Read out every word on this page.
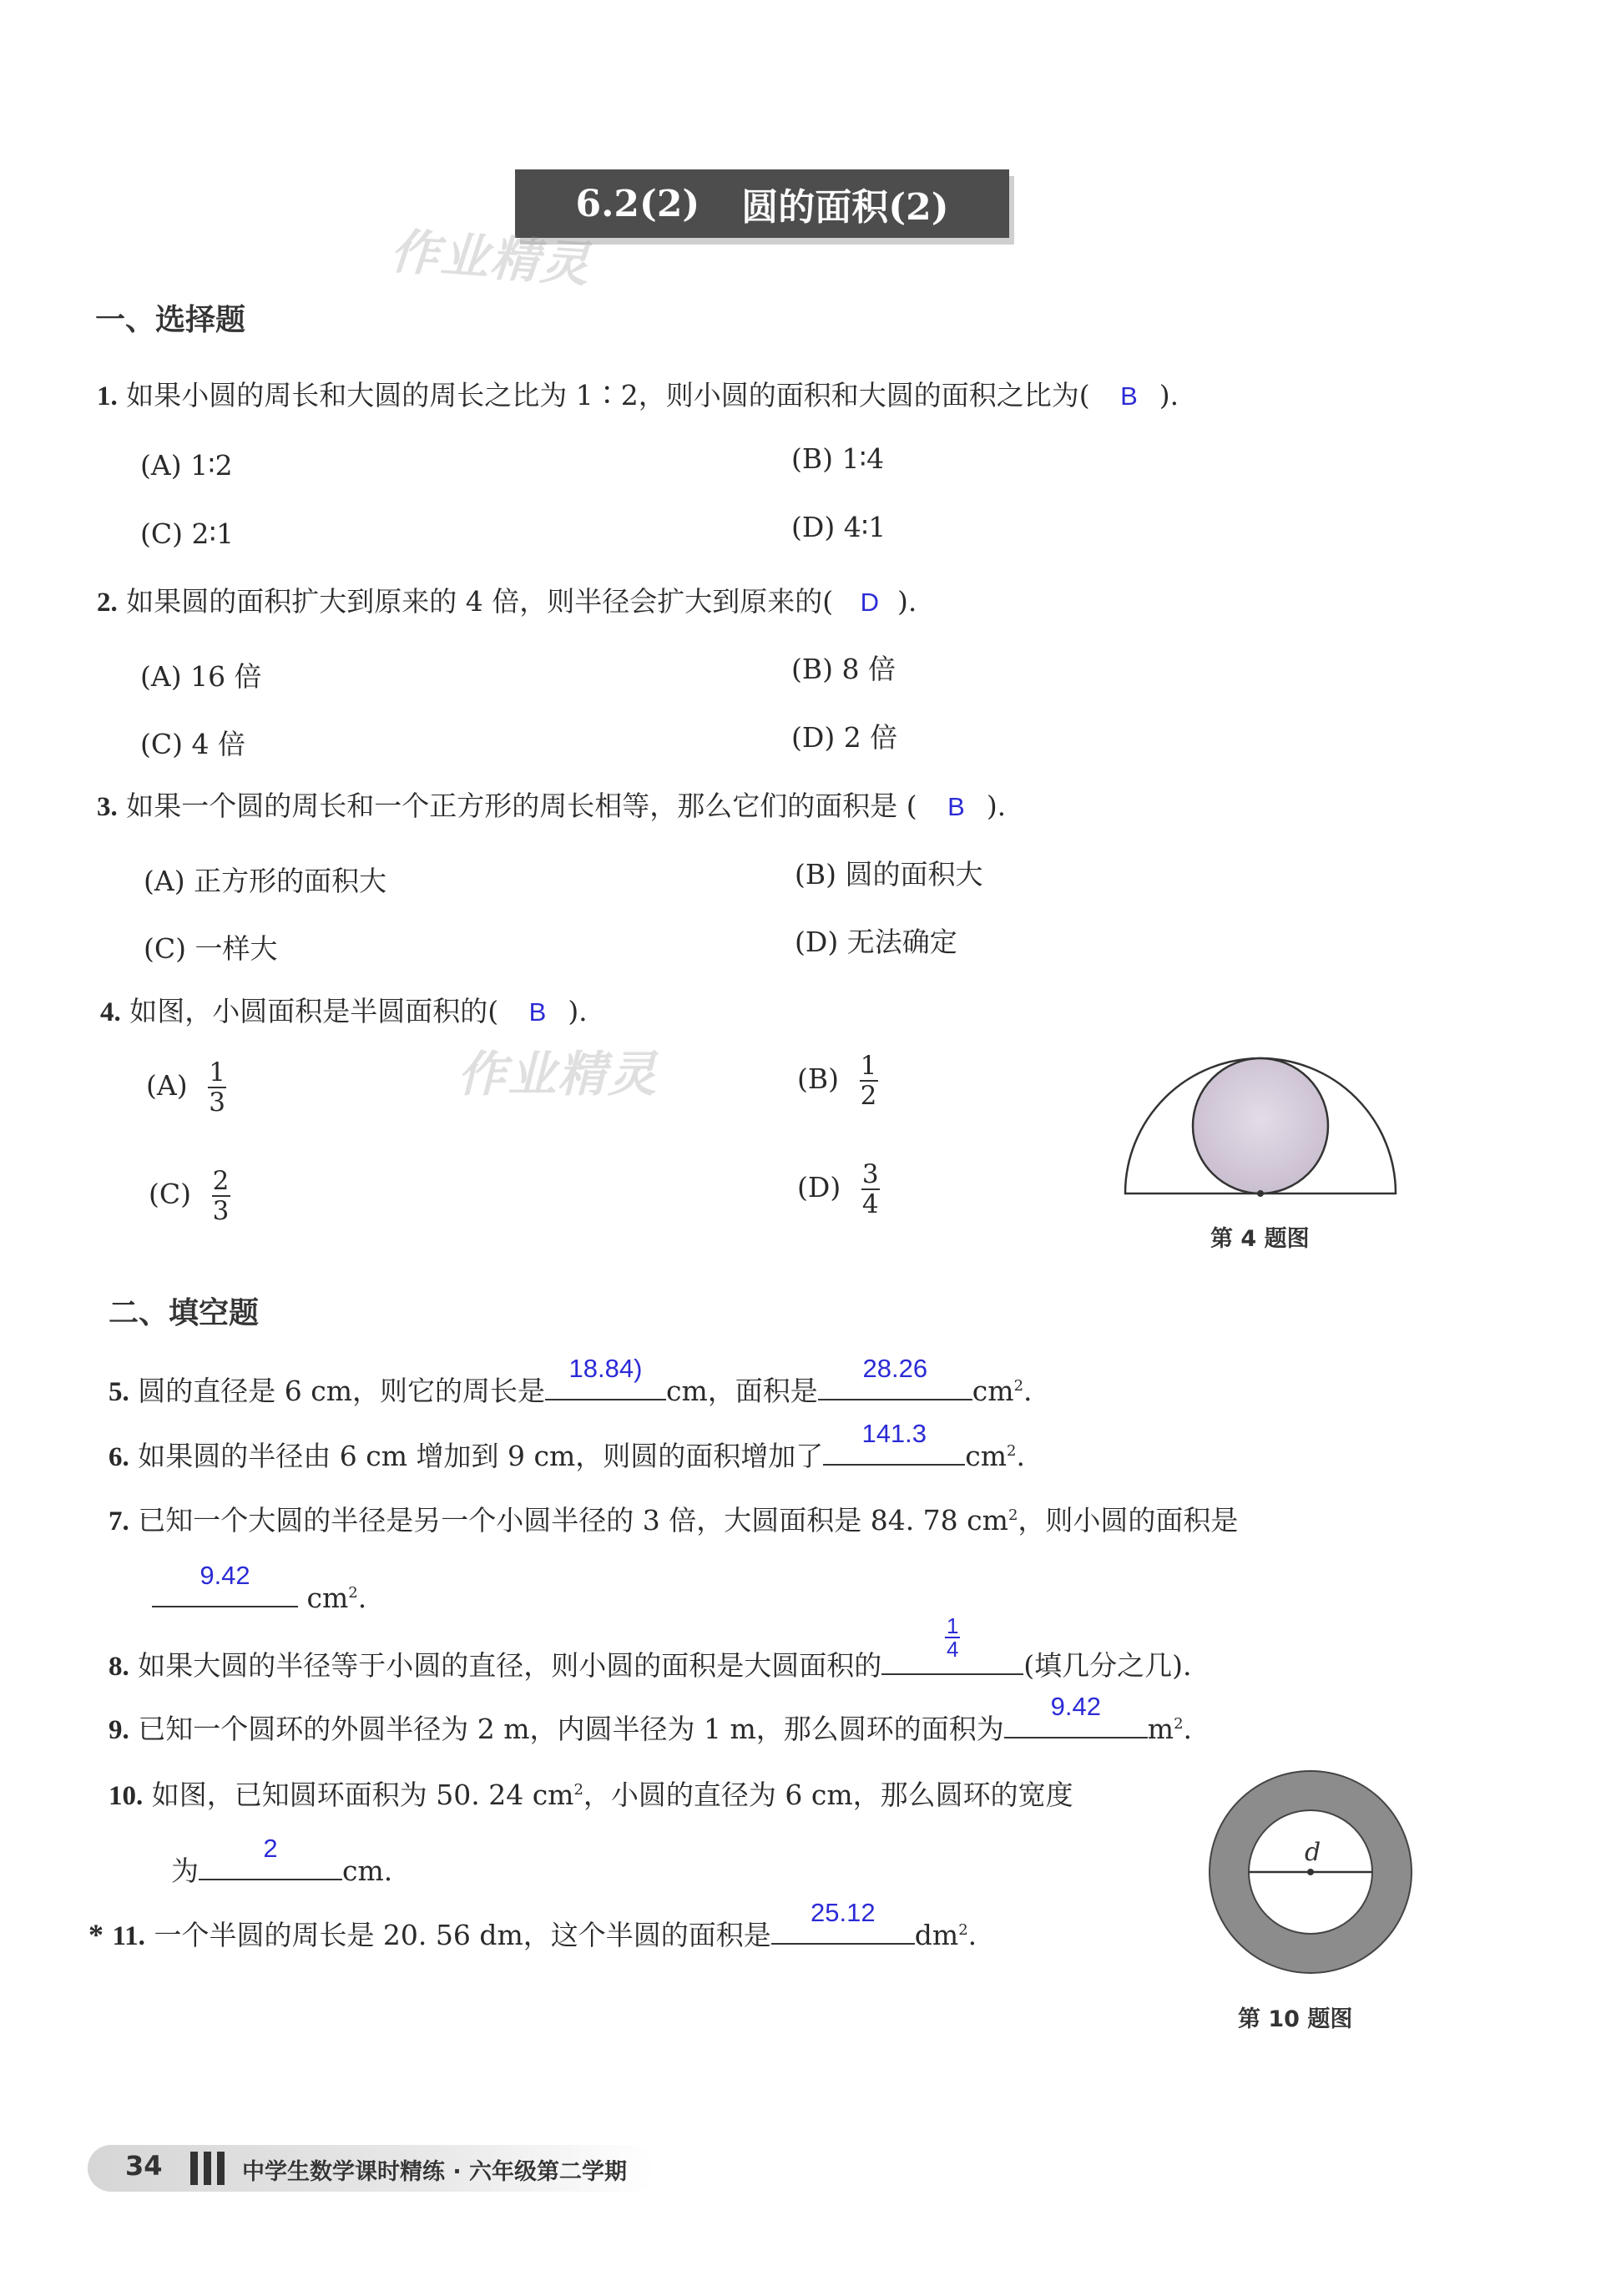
6.2(2) 圆的面积(2)
作业精灵
一、选择题
1. 如果小圆的周长和大圆的周长之比为 1∶2，则小圆的面积和大圆的面积之比为( B ).
(A) 1∶2	(B) 1∶4
(C) 2∶1	(D) 4∶1
2. 如果圆的面积扩大到原来的 4 倍，则半径会扩大到原来的( D ).
(A) 16 倍	(B) 8 倍
(C) 4 倍	(D) 2 倍
3. 如果一个圆的周长和一个正方形的周长相等，那么它们的面积是 ( B ).
(A) 正方形的面积大	(B) 圆的面积大
(C) 一样大	(D) 无法确定
4. 如图，小圆面积是半圆面积的( B ).
作业精灵
$(A) \frac{1}{3}$	$(B) \frac{1}{2}$
$(C) \frac{2}{3}$	$(D) \frac{3}{4}$
第 4 题图
二、填空题
5. 圆的直径是 6 cm，则它的周长是
18.84)
cm，面积是
28.26
$cm^2$.
6. 如果圆的半径由 6 cm 增加到 9 cm，则圆的面积增加了
141.3
$cm^2$.
7. 已知一个大圆的半径是另一个小圆半径的 3 倍，大圆面积是 84. 78 $cm^2$，则小圆的面积是
9.42
$cm^2$.
8. 如果大圆的半径等于小圆的直径，则小圆的面积是大圆面积的
1
4 (填几分之几).
9. 已知一个圆环的外圆半径为 2 m，内圆半径为 1 m，那么圆环的面积为
9.42
$m^2$.
10. 如图，已知圆环面积为 50. 24 $cm^2$，小圆的直径为 6 cm，那么圆环的宽度
为
2
cm.
d
第 10 题图
* 11. 一个半圆的周长是 20. 56 dm，这个半圆的面积是
25.12
$dm^2$.
34	中学生数学课时精练 · 六年级第二学期
